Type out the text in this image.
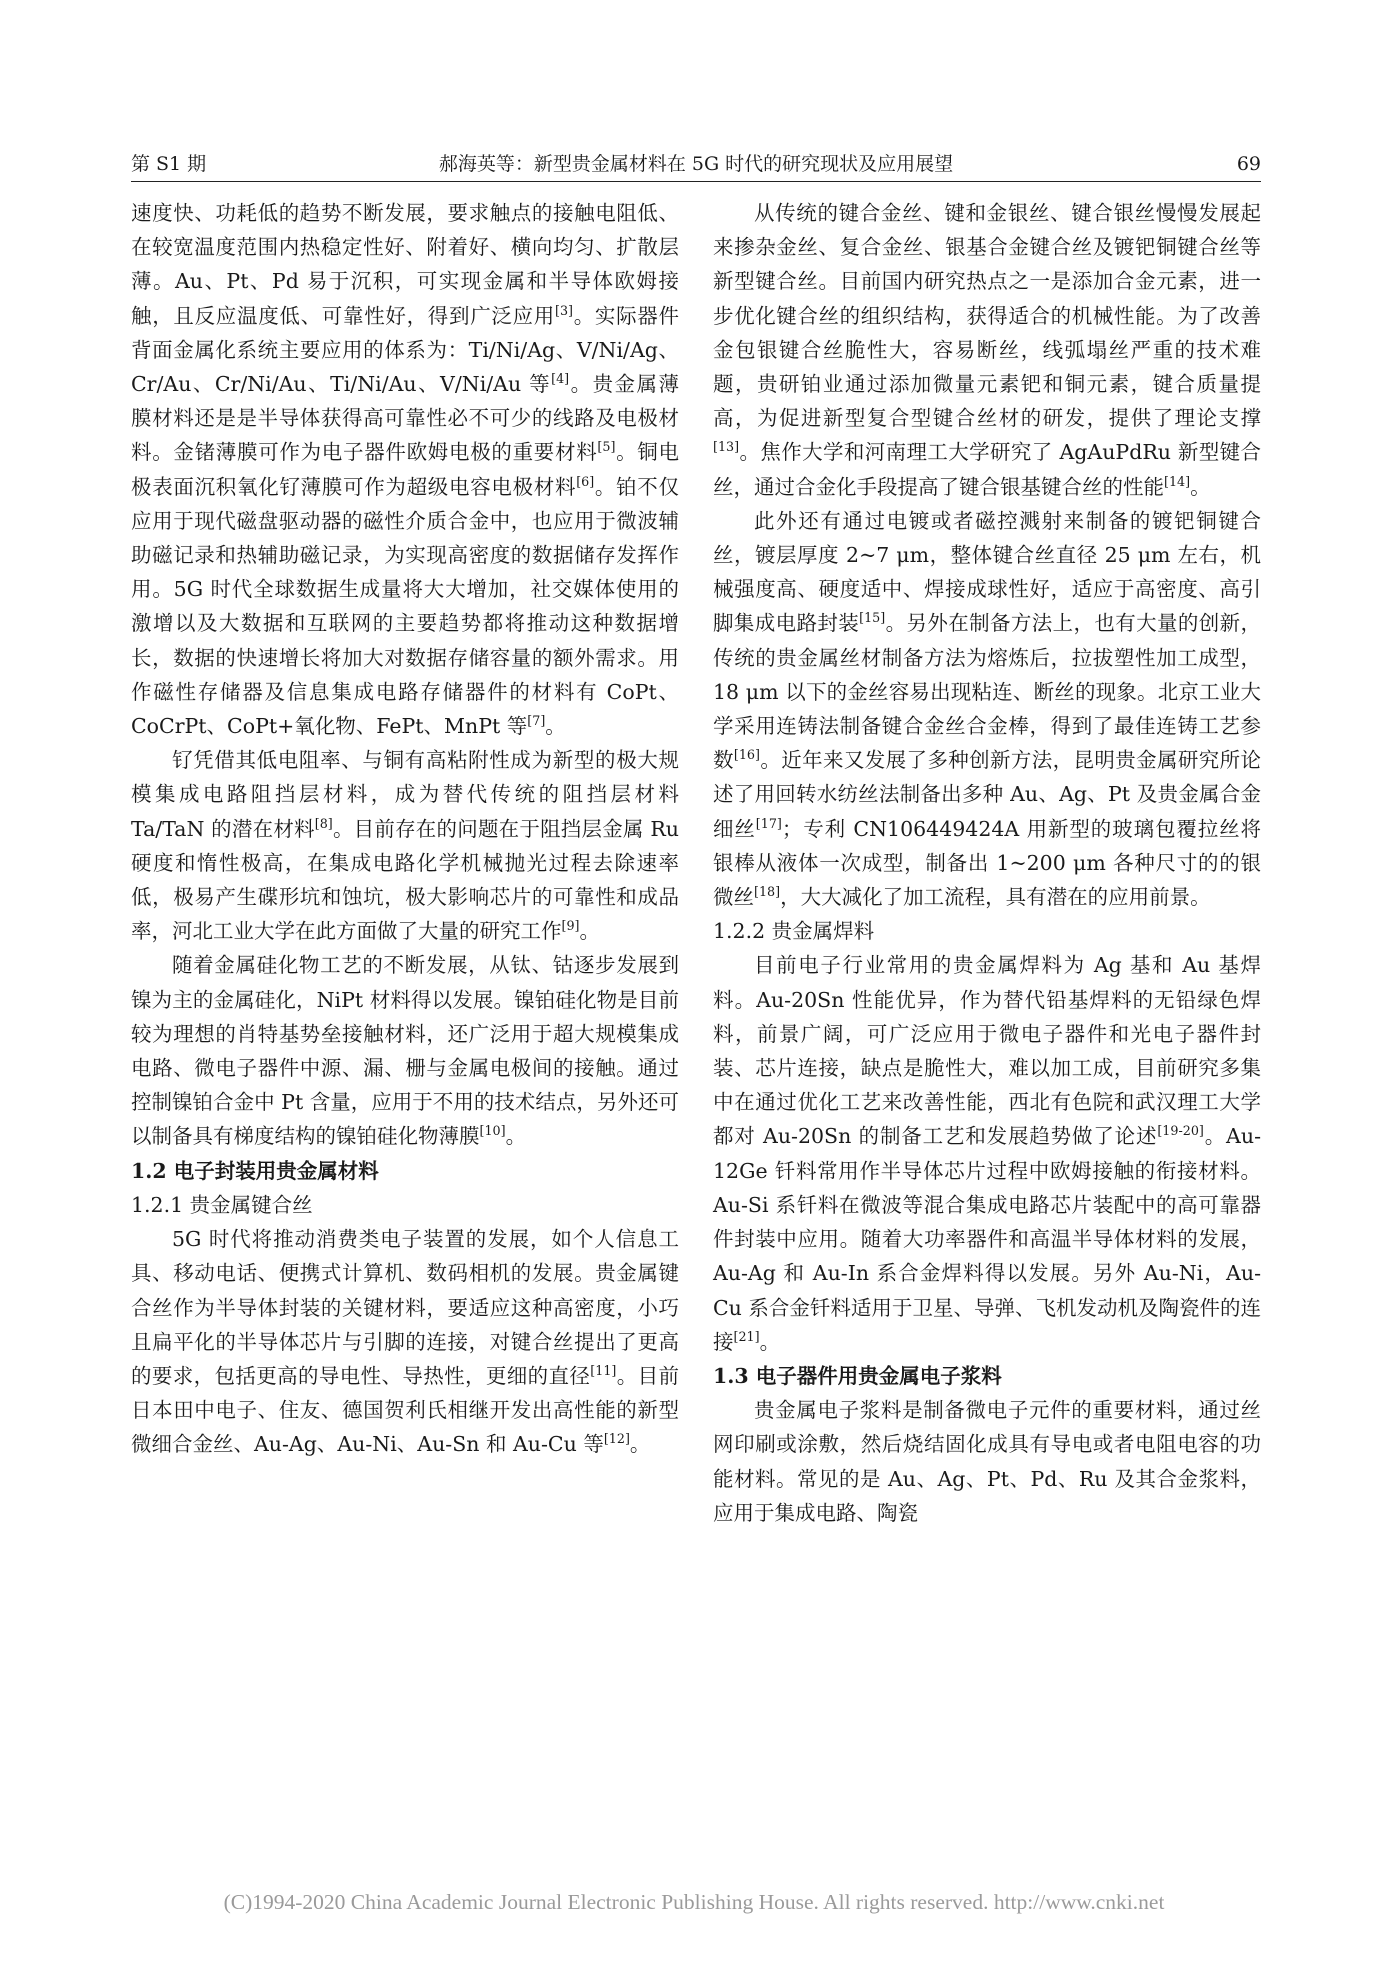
第 S1 期	郝海英等：新型贵金属材料在 5G 时代的研究现状及应用展望	69

速度快、功耗低的趋势不断发展，要求触点的接触电阻低、在较宽温度范围内热稳定性好、附着好、横向均匀、扩散层薄。Au、Pt、Pd 易于沉积，可实现金属和半导体欧姆接触，且反应温度低、可靠性好，得到广泛应用[3]。实际器件背面金属化系统主要应用的体系为：Ti/Ni/Ag、V/Ni/Ag、Cr/Au、Cr/Ni/Au、Ti/Ni/Au、V/Ni/Au 等[4]。贵金属薄膜材料还是是半导体获得高可靠性必不可少的线路及电极材料。金锗薄膜可作为电子器件欧姆电极的重要材料[5]。铜电极表面沉积氧化钌薄膜可作为超级电容电极材料[6]。铂不仅应用于现代磁盘驱动器的磁性介质合金中，也应用于微波辅助磁记录和热辅助磁记录，为实现高密度的数据储存发挥作用。5G 时代全球数据生成量将大大增加，社交媒体使用的激增以及大数据和互联网的主要趋势都将推动这种数据增长，数据的快速增长将加大对数据存储容量的额外需求。用作磁性存储器及信息集成电路存储器件的材料有 CoPt、CoCrPt、CoPt+氧化物、FePt、MnPt 等[7]。

钌凭借其低电阻率、与铜有高粘附性成为新型的极大规模集成电路阻挡层材料，成为替代传统的阻挡层材料 Ta/TaN 的潜在材料[8]。目前存在的问题在于阻挡层金属 Ru 硬度和惰性极高，在集成电路化学机械抛光过程去除速率低，极易产生碟形坑和蚀坑，极大影响芯片的可靠性和成品率，河北工业大学在此方面做了大量的研究工作[9]。

随着金属硅化物工艺的不断发展，从钛、钴逐步发展到镍为主的金属硅化，NiPt 材料得以发展。镍铂硅化物是目前较为理想的肖特基势垒接触材料，还广泛用于超大规模集成电路、微电子器件中源、漏、栅与金属电极间的接触。通过控制镍铂合金中 Pt 含量，应用于不用的技术结点，另外还可以制备具有梯度结构的镍铂硅化物薄膜[10]。

1.2 电子封装用贵金属材料

1.2.1 贵金属键合丝

5G 时代将推动消费类电子装置的发展，如个人信息工具、移动电话、便携式计算机、数码相机的发展。贵金属键合丝作为半导体封装的关键材料，要适应这种高密度，小巧且扁平化的半导体芯片与引脚的连接，对键合丝提出了更高的要求，包括更高的导电性、导热性，更细的直径[11]。目前日本田中电子、住友、德国贺利氏相继开发出高性能的新型微细合金丝、Au-Ag、Au-Ni、Au-Sn 和 Au-Cu 等[12]。

从传统的键合金丝、键和金银丝、键合银丝慢慢发展起来掺杂金丝、复合金丝、银基合金键合丝及镀钯铜键合丝等新型键合丝。目前国内研究热点之一是添加合金元素，进一步优化键合丝的组织结构，获得适合的机械性能。为了改善金包银键合丝脆性大，容易断丝，线弧塌丝严重的技术难题，贵研铂业通过添加微量元素钯和铜元素，键合质量提高，为促进新型复合型键合丝材的研发，提供了理论支撑[13]。焦作大学和河南理工大学研究了 AgAuPdRu 新型键合丝，通过合金化手段提高了键合银基键合丝的性能[14]。

此外还有通过电镀或者磁控溅射来制备的镀钯铜键合丝，镀层厚度 2~7 μm，整体键合丝直径 25 μm 左右，机械强度高、硬度适中、焊接成球性好，适应于高密度、高引脚集成电路封装[15]。另外在制备方法上，也有大量的创新，传统的贵金属丝材制备方法为熔炼后，拉拔塑性加工成型，18 μm 以下的金丝容易出现粘连、断丝的现象。北京工业大学采用连铸法制备键合金丝合金棒，得到了最佳连铸工艺参数[16]。近年来又发展了多种创新方法，昆明贵金属研究所论述了用回转水纺丝法制备出多种 Au、Ag、Pt 及贵金属合金细丝[17]；专利 CN106449424A 用新型的玻璃包覆拉丝将银棒从液体一次成型，制备出 1~200 μm 各种尺寸的的银微丝[18]，大大减化了加工流程，具有潜在的应用前景。

1.2.2 贵金属焊料

目前电子行业常用的贵金属焊料为 Ag 基和 Au 基焊料。Au-20Sn 性能优异，作为替代铅基焊料的无铅绿色焊料，前景广阔，可广泛应用于微电子器件和光电子器件封装、芯片连接，缺点是脆性大，难以加工成，目前研究多集中在通过优化工艺来改善性能，西北有色院和武汉理工大学都对 Au-20Sn 的制备工艺和发展趋势做了论述[19-20]。Au-12Ge 钎料常用作半导体芯片过程中欧姆接触的衔接材料。Au-Si 系钎料在微波等混合集成电路芯片装配中的高可靠器件封装中应用。随着大功率器件和高温半导体材料的发展，Au-Ag 和 Au-In 系合金焊料得以发展。另外 Au-Ni，Au-Cu 系合金钎料适用于卫星、导弹、飞机发动机及陶瓷件的连接[21]。

1.3 电子器件用贵金属电子浆料

贵金属电子浆料是制备微电子元件的重要材料，通过丝网印刷或涂敷，然后烧结固化成具有导电或者电阻电容的功能材料。常见的是 Au、Ag、Pt、Pd、Ru 及其合金浆料，应用于集成电路、陶瓷

(C)1994-2020 China Academic Journal Electronic Publishing House. All rights reserved. http://www.cnki.net
